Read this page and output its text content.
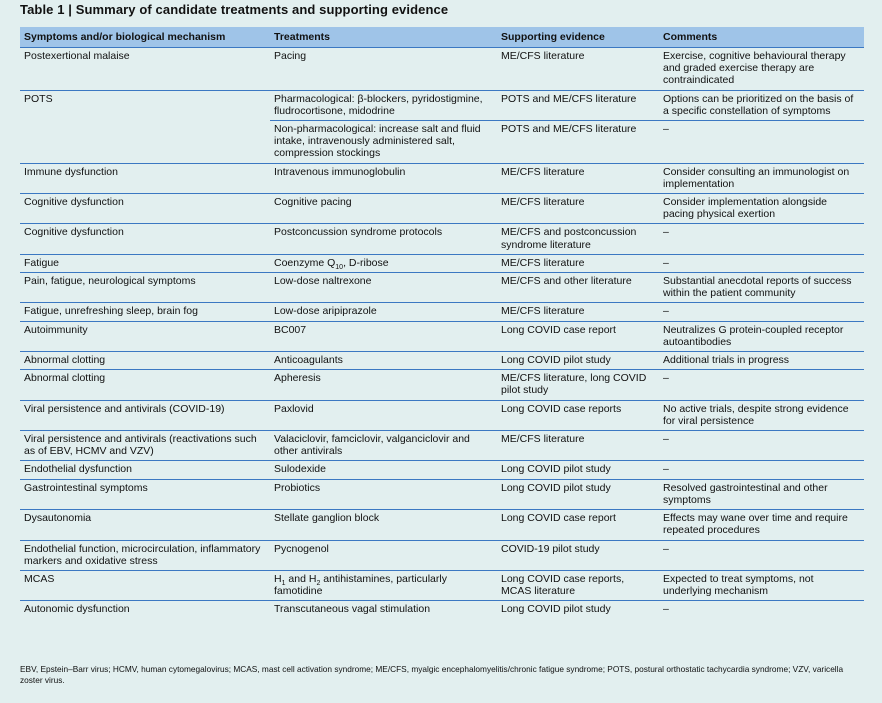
Table 1 | Summary of candidate treatments and supporting evidence
Symptoms and/or biological mechanism	Treatments	Supporting evidence	Comments
Postexertional malaise	Pacing	ME/CFS literature	Exercise, cognitive behavioural therapy and graded exercise therapy are contraindicated
POTS	Pharmacological: β-blockers, pyridostigmine, fludrocortisone, midodrine	POTS and ME/CFS literature	Options can be prioritized on the basis of a specific constellation of symptoms
	Non-pharmacological: increase salt and fluid intake, intravenously administered salt, compression stockings	POTS and ME/CFS literature	–
Immune dysfunction	Intravenous immunoglobulin	ME/CFS literature	Consider consulting an immunologist on implementation
Cognitive dysfunction	Cognitive pacing	ME/CFS literature	Consider implementation alongside pacing physical exertion
Cognitive dysfunction	Postconcussion syndrome protocols	ME/CFS and postconcussion syndrome literature	–
Fatigue	Coenzyme $Q_{10}$, D-ribose	ME/CFS literature	–
Pain, fatigue, neurological symptoms	Low-dose naltrexone	ME/CFS and other literature	Substantial anecdotal reports of success within the patient community
Fatigue, unrefreshing sleep, brain fog	Low-dose aripiprazole	ME/CFS literature	–
Autoimmunity	BC007	Long COVID case report	Neutralizes G protein-coupled receptor autoantibodies
Abnormal clotting	Anticoagulants	Long COVID pilot study	Additional trials in progress
Abnormal clotting	Apheresis	ME/CFS literature, long COVID pilot study	–
Viral persistence and antivirals (COVID-19)	Paxlovid	Long COVID case reports	No active trials, despite strong evidence for viral persistence
Viral persistence and antivirals (reactivations such as of EBV, HCMV and VZV)	Valaciclovir, famciclovir, valganciclovir and other antivirals	ME/CFS literature	–
Endothelial dysfunction	Sulodexide	Long COVID pilot study	–
Gastrointestinal symptoms	Probiotics	Long COVID pilot study	Resolved gastrointestinal and other symptoms
Dysautonomia	Stellate ganglion block	Long COVID case report	Effects may wane over time and require repeated procedures
Endothelial function, microcirculation, inflammatory markers and oxidative stress	Pycnogenol	COVID-19 pilot study	–
MCAS	$H_1$ and $H_2$ antihistamines, particularly famotidine	Long COVID case reports, MCAS literature	Expected to treat symptoms, not underlying mechanism
Autonomic dysfunction	Transcutaneous vagal stimulation	Long COVID pilot study	–
EBV, Epstein–Barr virus; HCMV, human cytomegalovirus; MCAS, mast cell activation syndrome; ME/CFS, myalgic encephalomyelitis/chronic fatigue syndrome; POTS, postural orthostatic tachycardia syndrome; VZV, varicella zoster virus.
